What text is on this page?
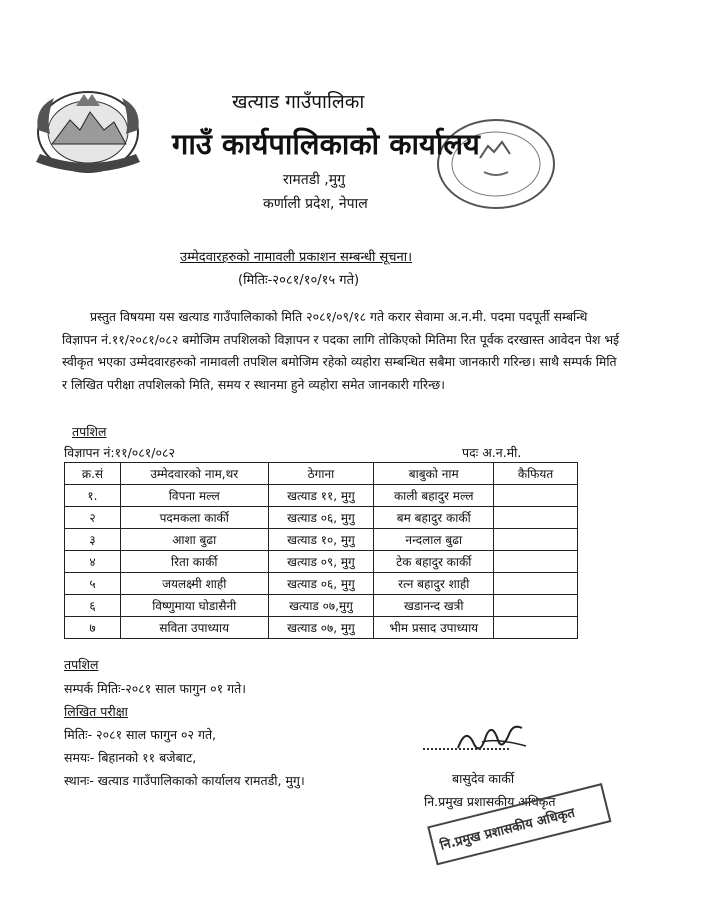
खत्याड गाउँपालिका
गाउँ कार्यपालिकाको कार्यालय
रामतडी ,मुगु
कर्णाली प्रदेश, नेपाल
उम्मेदवारहरुको नामावली प्रकाशन सम्बन्धी सूचना।
(मितिः-२०८१/१०/१५ गते)

प्रस्तुत विषयमा यस खत्याड गाउँपालिकाको मिति २०८१/०९/१८ गते करार सेवामा अ.न.मी. पदमा पदपूर्ती सम्बन्धि विज्ञापन नं.११/२०८१/०८२ बमोजिम तपशिलको विज्ञापन र पदका लागि तोकिएको मितिमा रित पूर्वक दरखास्त आवेदन पेश भई स्वीकृत भएका उम्मेदवारहरुको नामावली तपशिल बमोजिम रहेको व्यहोरा सम्बन्धित सबैमा जानकारी गरिन्छ। साथै सम्पर्क मिति र लिखित परीक्षा तपशिलको मिति, समय र स्थानमा हुने व्यहोरा समेत जानकारी गरिन्छ।

तपशिल
विज्ञापन नं:११/०८१/०८२	पदः अ.न.मी.
क्र.सं	उम्मेदवारको नाम,थर	ठेगाना	बाबुको नाम	कैफियत
१.	विपना मल्ल	खत्याड ११, मुगु	काली बहादुर मल्ल	
२	पदमकला कार्की	खत्याड ०६, मुगु	बम बहादुर कार्की	
३	आशा बुढा	खत्याड १०, मुगु	नन्दलाल बुढा	
४	रिता कार्की	खत्याड ०९, मुगु	टेक बहादुर कार्की	
५	जयलक्ष्मी शाही	खत्याड ०६, मुगु	रत्न बहादुर शाही	
६	विष्णुमाया घोडासैनी	खत्याड ०७,मुगु	खडानन्द खत्री	
७	सविता उपाध्याय	खत्याड ०७, मुगु	भीम प्रसाद उपाध्याय	
तपशिल
सम्पर्क मितिः-२०८१ साल फागुन ०१ गते।
लिखित परीक्षा
मितिः- २०८१ साल फागुन ०२ गते,
समयः- बिहानको ११ बजेबाट,
स्थानः- खत्याड गाउँपालिकाको कार्यालय रामतडी, मुगु।	बासुदेव कार्की
नि.प्रमुख प्रशासकीय अधिकृत
नि.प्रमुख प्रशासकीय अधिकृत
